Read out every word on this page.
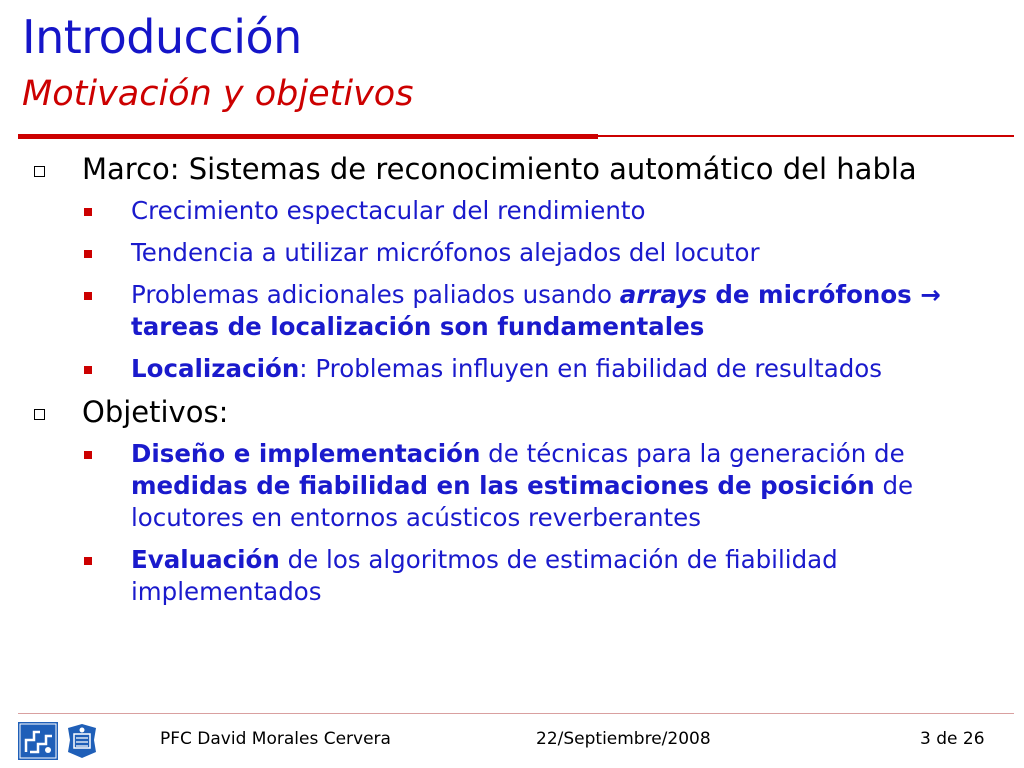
Introducción
Motivación y objetivos
Marco: Sistemas de reconocimiento automático del habla
Crecimiento espectacular del rendimiento
Tendencia a utilizar micrófonos alejados del locutor
Problemas adicionales paliados usando arrays de micrófonos → tareas de localización son fundamentales
Localización: Problemas influyen en fiabilidad de resultados
Objetivos:
Diseño e implementación de técnicas para la generación de medidas de fiabilidad en las estimaciones de posición de locutores en entornos acústicos reverberantes
Evaluación de los algoritmos de estimación de fiabilidad implementados
PFC David Morales Cervera	22/Septiembre/2008	3 de 26
